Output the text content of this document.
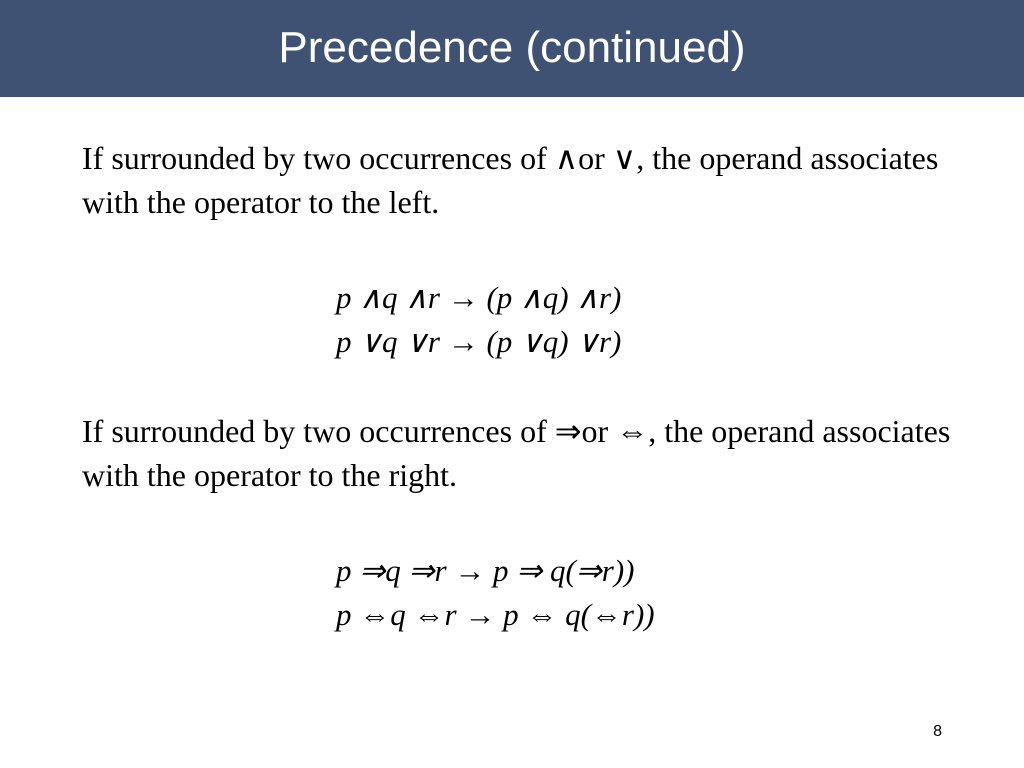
Precedence (continued)

If surrounded by two occurrences of ∧or ∨, the operand associates with the operator to the left.

p ∧q ∧r → (p ∧q) ∧r)
p ∨q ∨r → (p ∨q) ∨r)

If surrounded by two occurrences of ⇒or ⇔, the operand associates with the operator to the right.

p ⇒q ⇒r → p ⇒ q(⇒r))
p ⇔q ⇔r → p ⇔ q(⇔r))
8
